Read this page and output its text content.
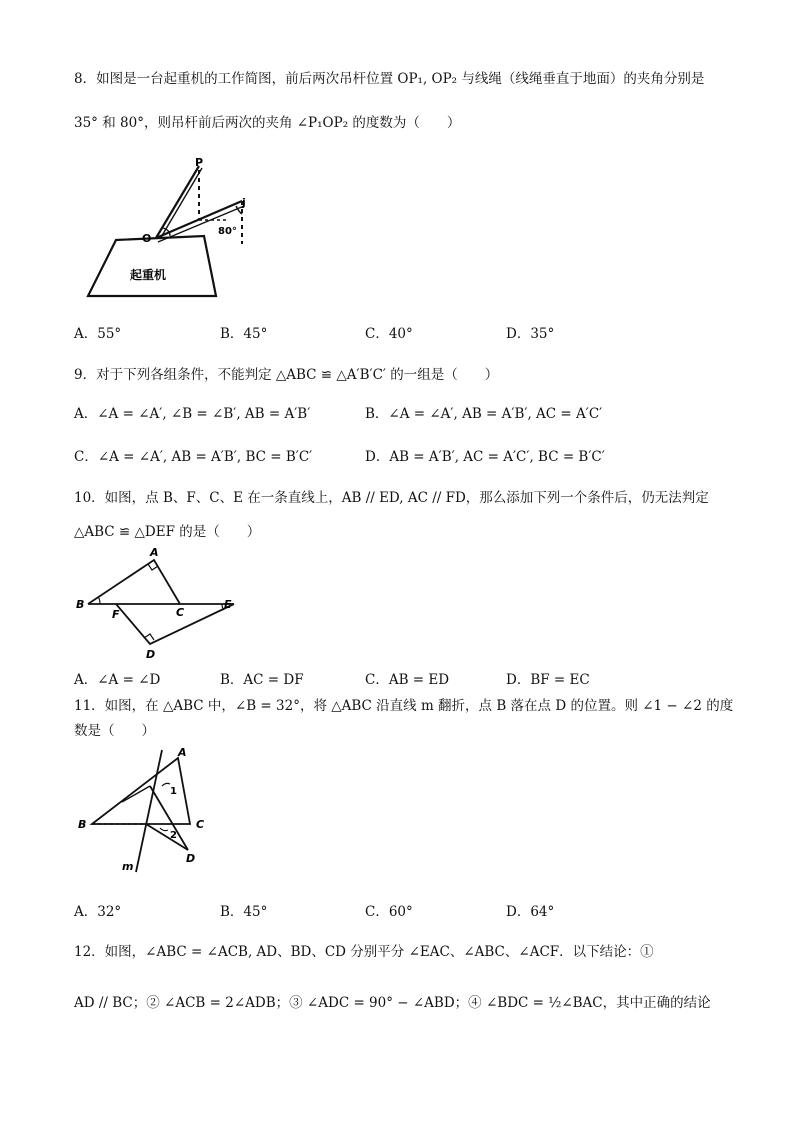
8．如图是一台起重机的工作简图，前后两次吊杆位置 OP₁, OP₂ 与线绳（线绳垂直于地面）的夹角分别是
35° 和 80°，则吊杆前后两次的夹角 ∠P₁OP₂ 的度数为（　　）
P
O
j
80°
起重机
A．55°	B．45°	C．40°	D．35°
9．对于下列各组条件，不能判定 △ABC ≌ △A′B′C′ 的一组是（　　）
A．∠A = ∠A′, ∠B = ∠B′, AB = A′B′	B．∠A = ∠A′, AB = A′B′, AC = A′C′
C．∠A = ∠A′, AB = A′B′, BC = B′C′	D．AB = A′B′, AC = A′C′, BC = B′C′
10．如图，点 B、F、C、E 在一条直线上，AB // ED, AC // FD，那么添加下列一个条件后，仍无法判定
△ABC ≌ △DEF 的是（　　）
A
B
F	C
E
D
A．∠A = ∠D	B．AC = DF	C．AB = ED	D．BF = EC
11．如图，在 △ABC 中，∠B = 32°，将 △ABC 沿直线 m 翻折，点 B 落在点 D 的位置。则 ∠1 − ∠2 的度
数是（　　）
A
B	C
D
m
1
2
A．32°	B．45°	C．60°	D．64°
12．如图，∠ABC = ∠ACB, AD、BD、CD 分别平分 ∠EAC、∠ABC、∠ACF．以下结论：①
AD // BC；② ∠ACB = 2∠ADB；③ ∠ADC = 90° − ∠ABD；④ ∠BDC = ½∠BAC，其中正确的结论
